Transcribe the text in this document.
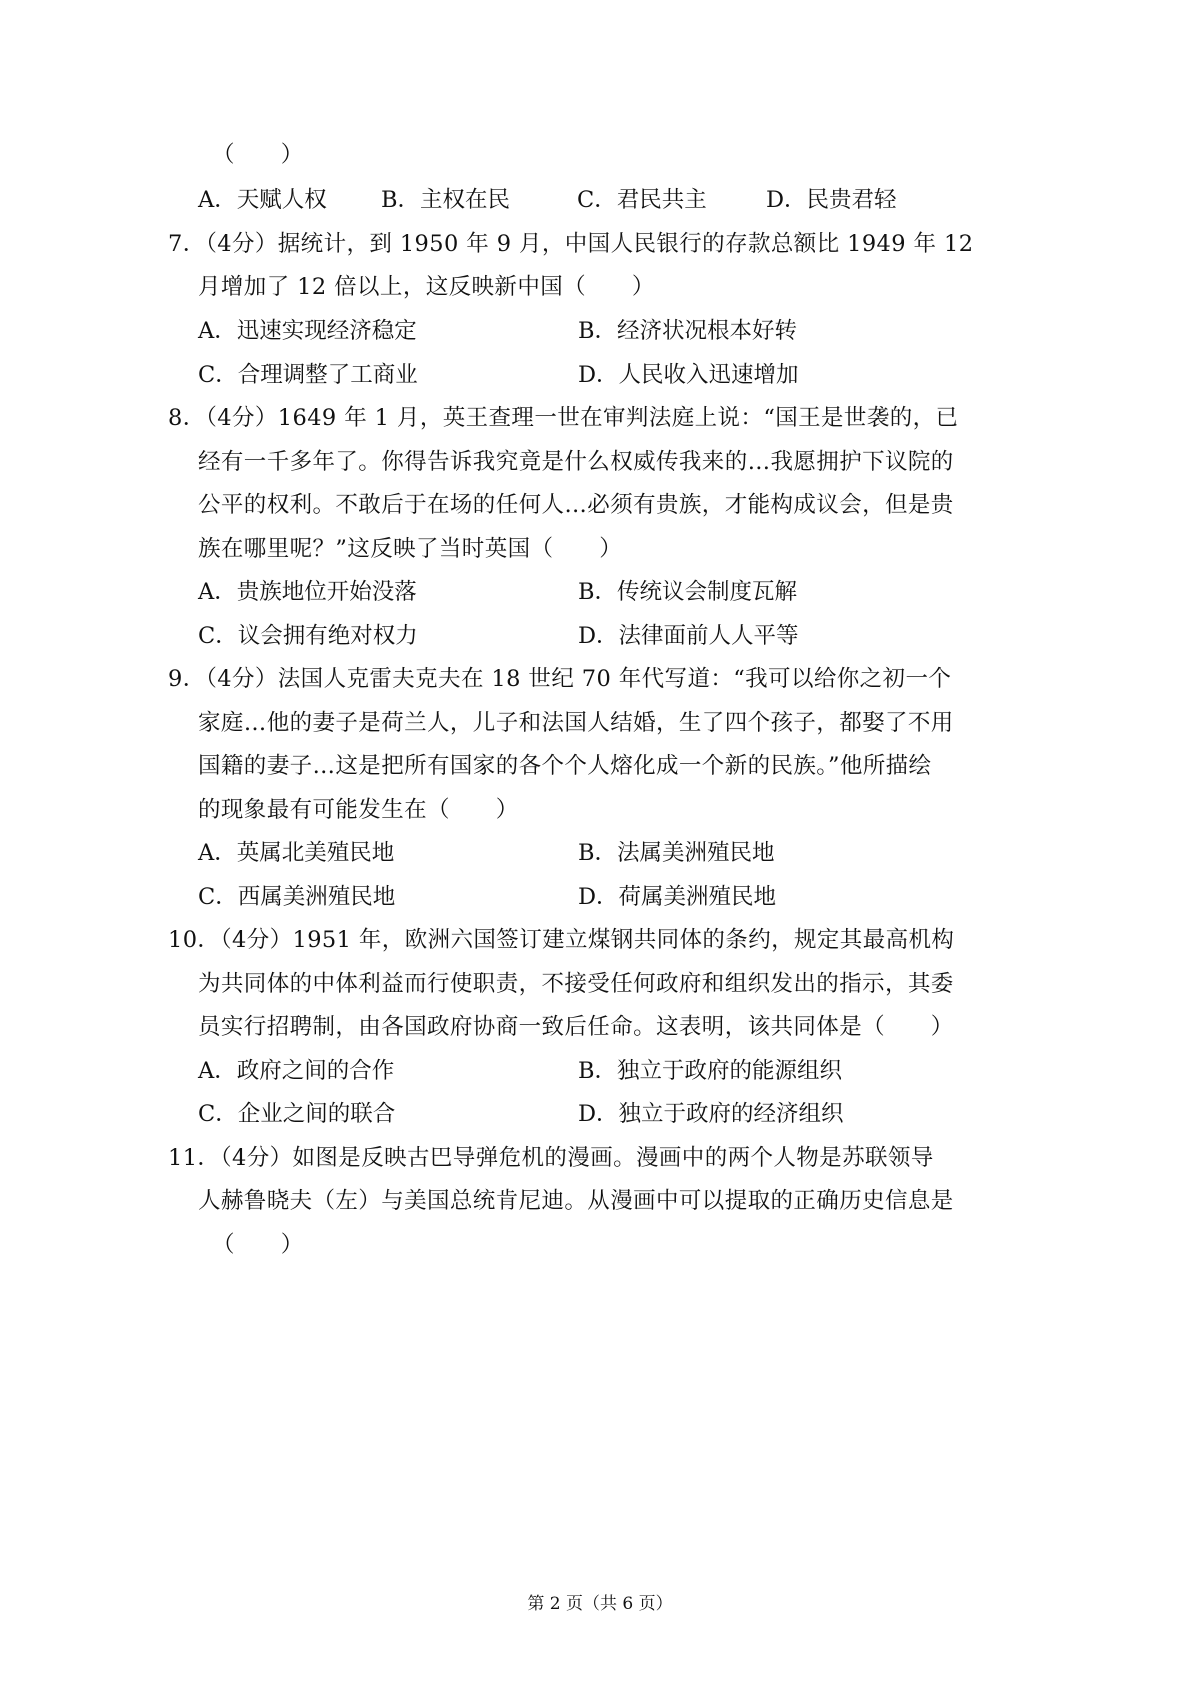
（　　）
A．天赋人权 B．主权在民	C．君民共主	D．民贵君轻
7．（4分）据统计，到 1950 年 9 月，中国人民银行的存款总额比 1949 年 12
月增加了 12 倍以上，这反映新中国（　　）
A．迅速实现经济稳定	B．经济状况根本好转
C．合理调整了工商业	D．人民收入迅速增加
8．（4分）1649 年 1 月，英王查理一世在审判法庭上说：“国王是世袭的，已
经有一千多年了。你得告诉我究竟是什么权威传我来的…我愿拥护下议院的
公平的权利。不敢后于在场的任何人…必须有贵族，才能构成议会，但是贵
族在哪里呢？”这反映了当时英国（　　）
A．贵族地位开始没落	B．传统议会制度瓦解
C．议会拥有绝对权力	D．法律面前人人平等
9．（4分）法国人克雷夫克夫在 18 世纪 70 年代写道：“我可以给你之初一个
家庭…他的妻子是荷兰人，儿子和法国人结婚，生了四个孩子，都娶了不用
国籍的妻子…这是把所有国家的各个个人熔化成一个新的民族。”他所描绘
的现象最有可能发生在（　　）
A．英属北美殖民地	B．法属美洲殖民地
C．西属美洲殖民地	D．荷属美洲殖民地
10．（4分）1951 年，欧洲六国签订建立煤钢共同体的条约，规定其最高机构
为共同体的中体利益而行使职责，不接受任何政府和组织发出的指示，其委
员实行招聘制，由各国政府协商一致后任命。这表明，该共同体是（　　）
A．政府之间的合作	B．独立于政府的能源组织
C．企业之间的联合	D．独立于政府的经济组织
11．（4分）如图是反映古巴导弹危机的漫画。漫画中的两个人物是苏联领导
人赫鲁晓夫（左）与美国总统肯尼迪。从漫画中可以提取的正确历史信息是
（　　）
第 2 页（共 6 页）
